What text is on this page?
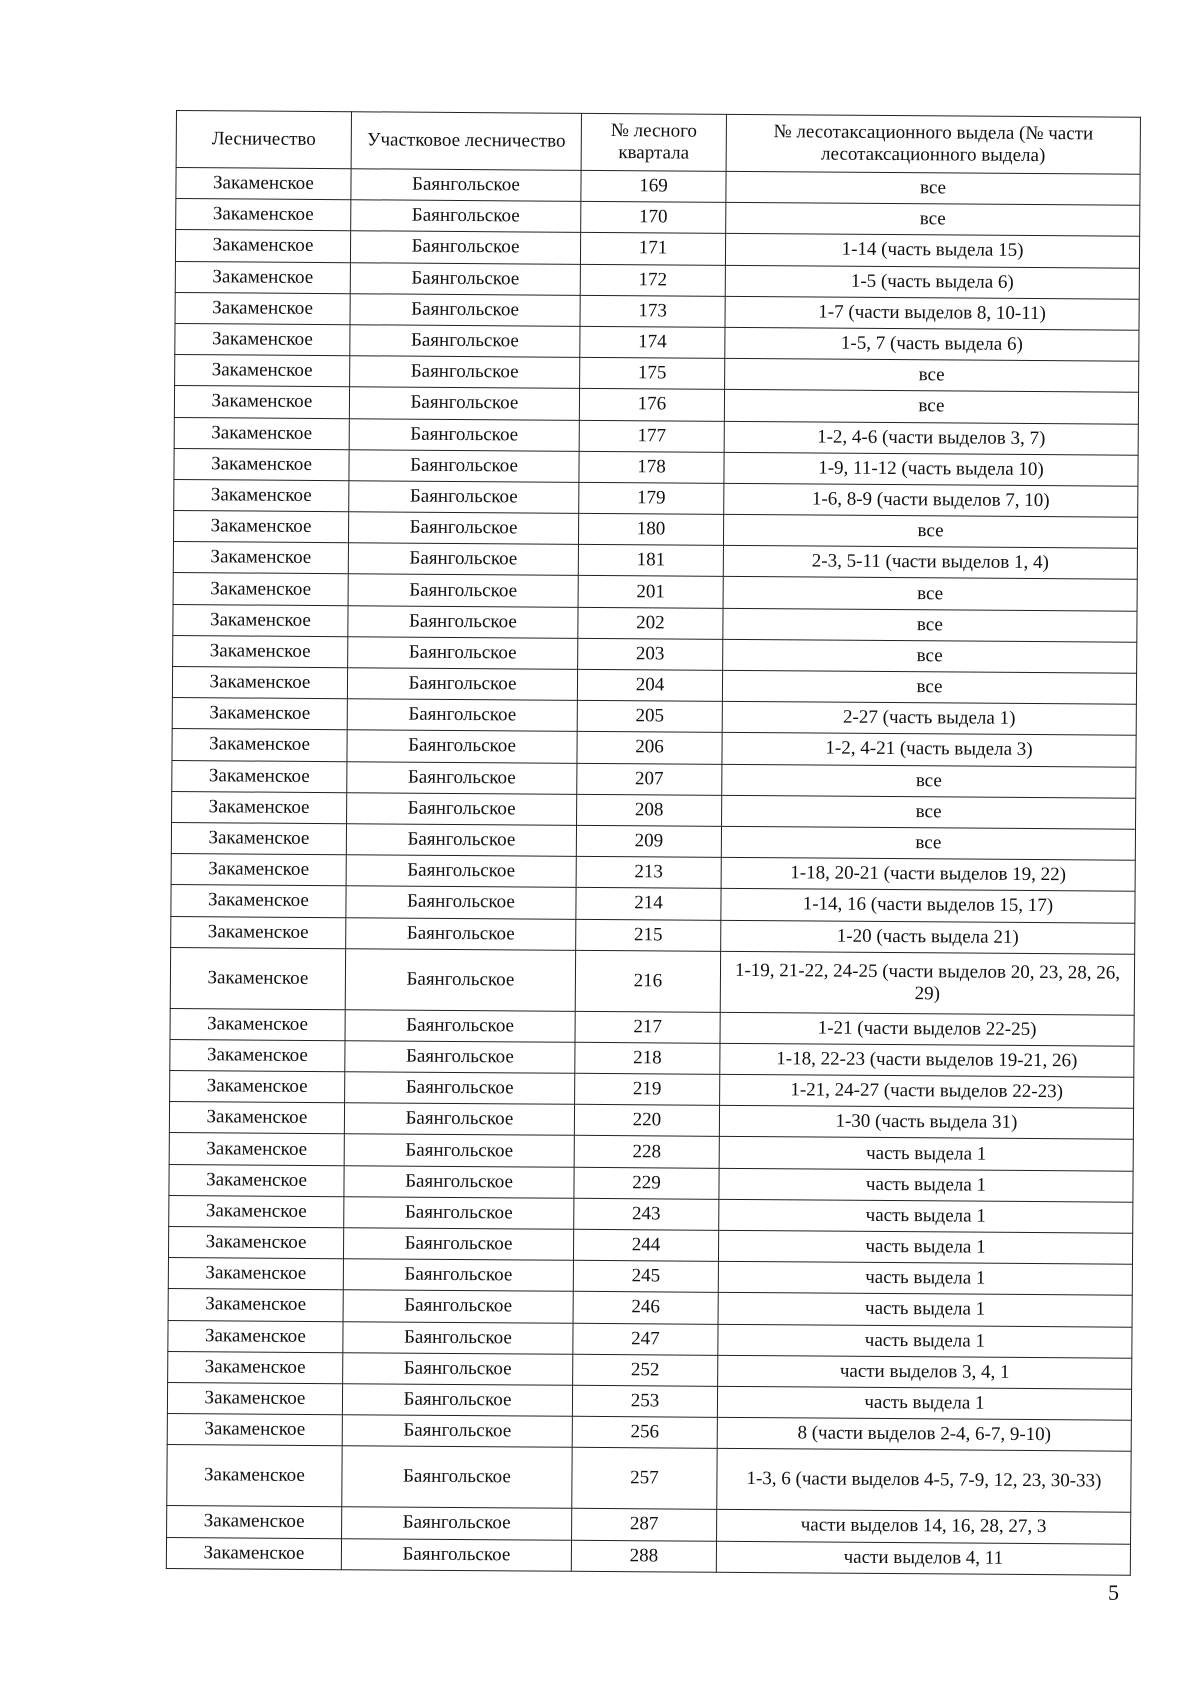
Лесничество	Участковое лесничество	№ лесного квартала	№ лесотаксационного выдела (№ части лесотаксационного выдела)
Закаменское	Баянгольское	169	все
Закаменское	Баянгольское	170	все
Закаменское	Баянгольское	171	1-14 (часть выдела 15)
Закаменское	Баянгольское	172	1-5 (часть выдела 6)
Закаменское	Баянгольское	173	1-7 (части выделов 8, 10-11)
Закаменское	Баянгольское	174	1-5, 7 (часть выдела 6)
Закаменское	Баянгольское	175	все
Закаменское	Баянгольское	176	все
Закаменское	Баянгольское	177	1-2, 4-6 (части выделов 3, 7)
Закаменское	Баянгольское	178	1-9, 11-12 (часть выдела 10)
Закаменское	Баянгольское	179	1-6, 8-9 (части выделов 7, 10)
Закаменское	Баянгольское	180	все
Закаменское	Баянгольское	181	2-3, 5-11 (части выделов 1, 4)
Закаменское	Баянгольское	201	все
Закаменское	Баянгольское	202	все
Закаменское	Баянгольское	203	все
Закаменское	Баянгольское	204	все
Закаменское	Баянгольское	205	2-27 (часть выдела 1)
Закаменское	Баянгольское	206	1-2, 4-21 (часть выдела 3)
Закаменское	Баянгольское	207	все
Закаменское	Баянгольское	208	все
Закаменское	Баянгольское	209	все
Закаменское	Баянгольское	213	1-18, 20-21 (части выделов 19, 22)
Закаменское	Баянгольское	214	1-14, 16 (части выделов 15, 17)
Закаменское	Баянгольское	215	1-20 (часть выдела 21)
Закаменское	Баянгольское	216	1-19, 21-22, 24-25 (части выделов 20, 23, 28, 26, 29)
Закаменское	Баянгольское	217	1-21 (части выделов 22-25)
Закаменское	Баянгольское	218	1-18, 22-23 (части выделов 19-21, 26)
Закаменское	Баянгольское	219	1-21, 24-27 (части выделов 22-23)
Закаменское	Баянгольское	220	1-30 (часть выдела 31)
Закаменское	Баянгольское	228	часть выдела 1
Закаменское	Баянгольское	229	часть выдела 1
Закаменское	Баянгольское	243	часть выдела 1
Закаменское	Баянгольское	244	часть выдела 1
Закаменское	Баянгольское	245	часть выдела 1
Закаменское	Баянгольское	246	часть выдела 1
Закаменское	Баянгольское	247	часть выдела 1
Закаменское	Баянгольское	252	части выделов 3, 4, 1
Закаменское	Баянгольское	253	часть выдела 1
Закаменское	Баянгольское	256	8 (части выделов 2-4, 6-7, 9-10)
Закаменское	Баянгольское	257	1-3, 6 (части выделов 4-5, 7-9, 12, 23, 30-33)
Закаменское	Баянгольское	287	части выделов 14, 16, 28, 27, 3
Закаменское	Баянгольское	288	части выделов 4, 11
5
